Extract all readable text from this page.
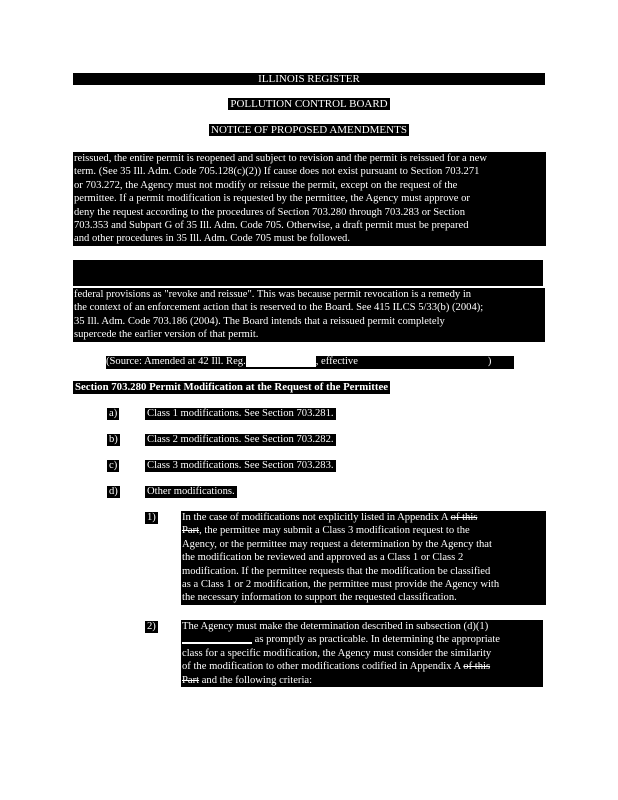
ILLINOIS REGISTER
POLLUTION CONTROL BOARD
NOTICE OF PROPOSED AMENDMENTS
reissued, the entire permit is reopened and subject to revision and the permit is reissued for a new
term. (See 35 Ill. Adm. Code 705.128(c)(2)) If cause does not exist pursuant to Section 703.271
or 703.272, the Agency must not modify or reissue the permit, except on the request of the
permittee. If a permit modification is requested by the permittee, the Agency must approve or
deny the request according to the procedures of Section 703.280 through 703.283 or Section
703.353 and Subpart G of 35 Ill. Adm. Code 705. Otherwise, a draft permit must be prepared
and other procedures in 35 Ill. Adm. Code 705 must be followed.
federal provisions as "revoke and reissue". This was because permit revocation is a remedy in
the context of an enforcement action that is reserved to the Board. See 415 ILCS 5/33(b) (2004);
35 Ill. Adm. Code 703.186 (2004). The Board intends that a reissued permit completely
supercede the earlier version of that permit.
(Source: Amended at 42 Ill. Reg.	, effective	)
Section 703.280 Permit Modification at the Request of the Permittee
a)	Class 1 modifications. See Section 703.281.
b)	Class 2 modifications. See Section 703.282.
c)	Class 3 modifications. See Section 703.283.
d)	Other modifications.
1) In the case of modifications not explicitly listed in Appendix A of this
Part, the permittee may submit a Class 3 modification request to the
Agency, or the permittee may request a determination by the Agency that
the modification be reviewed and approved as a Class 1 or Class 2
modification. If the permittee requests that the modification be classified
as a Class 1 or 2 modification, the permittee must provide the Agency with
the necessary information to support the requested classification.
2) The Agency must make the determination described in subsection (d)(1)
as promptly as practicable. In determining the appropriate
class for a specific modification, the Agency must consider the similarity
of the modification to other modifications codified in Appendix A of this
Part and the following criteria:
